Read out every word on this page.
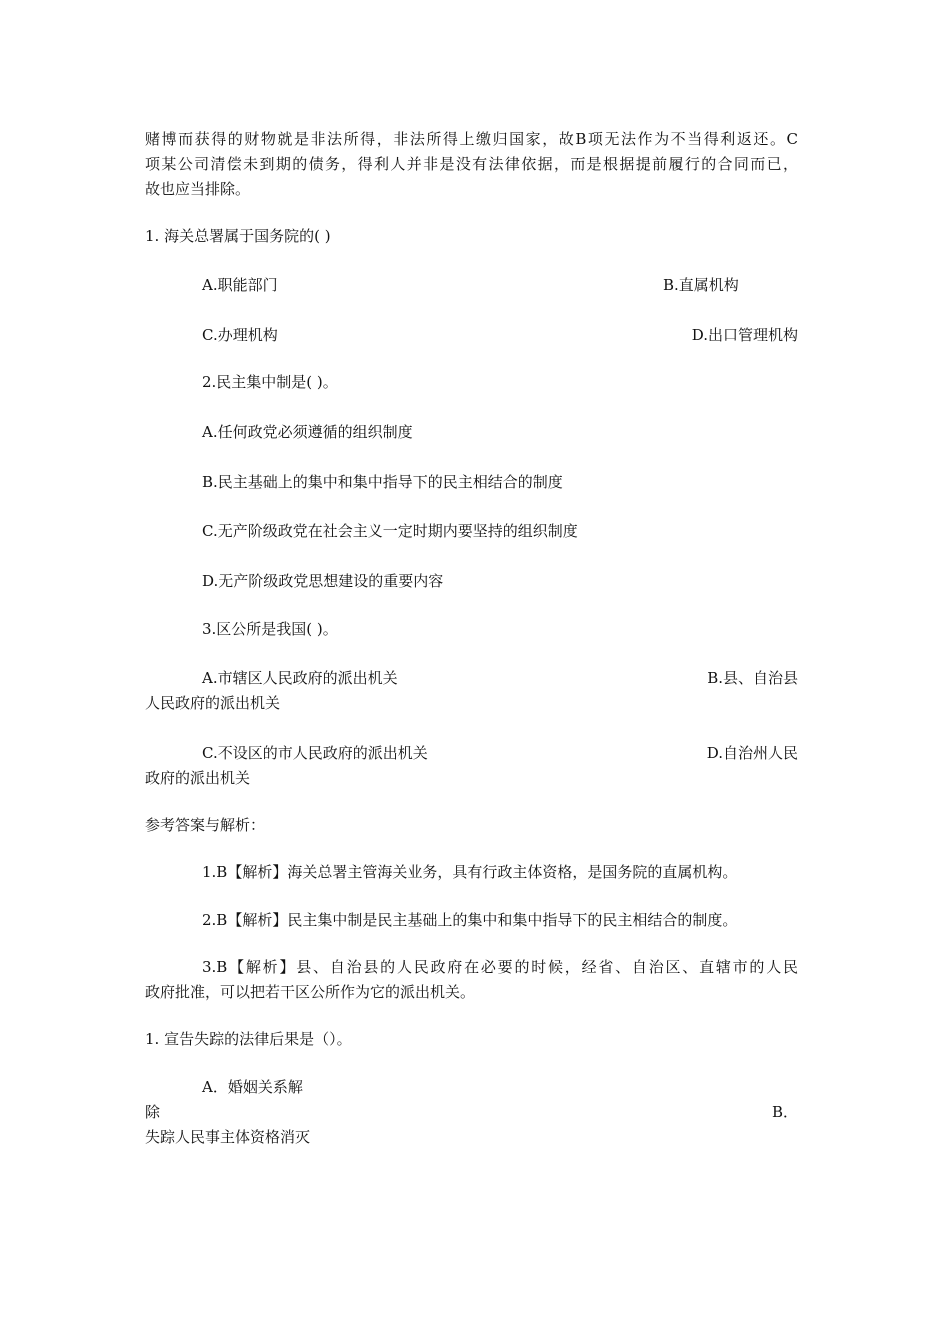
赌博而获得的财物就是非法所得，非法所得上缴归国家，故B项无法作为不当得利返还。C
项某公司清偿未到期的债务，得利人并非是没有法律依据，而是根据提前履行的合同而已，
故也应当排除。
1. 海关总署属于国务院的( )
A.职能部门	B.直属机构
C.办理机构	D.出口管理机构
2.民主集中制是( )。
A.任何政党必须遵循的组织制度
B.民主基础上的集中和集中指导下的民主相结合的制度
C.无产阶级政党在社会主义一定时期内要坚持的组织制度
D.无产阶级政党思想建设的重要内容
3.区公所是我国( )。
A.市辖区人民政府的派出机关	B.县、自治县
人民政府的派出机关
C.不设区的市人民政府的派出机关	D.自治州人民
政府的派出机关
参考答案与解析：
1.B【解析】海关总署主管海关业务，具有行政主体资格，是国务院的直属机构。
2.B【解析】民主集中制是民主基础上的集中和集中指导下的民主相结合的制度。
3.B【解析】县、自治县的人民政府在必要的时候，经省、自治区、直辖市的人民
政府批准，可以把若干区公所作为它的派出机关。
1. 宣告失踪的法律后果是（）。
A．婚姻关系解
除	B．
失踪人民事主体资格消灭
